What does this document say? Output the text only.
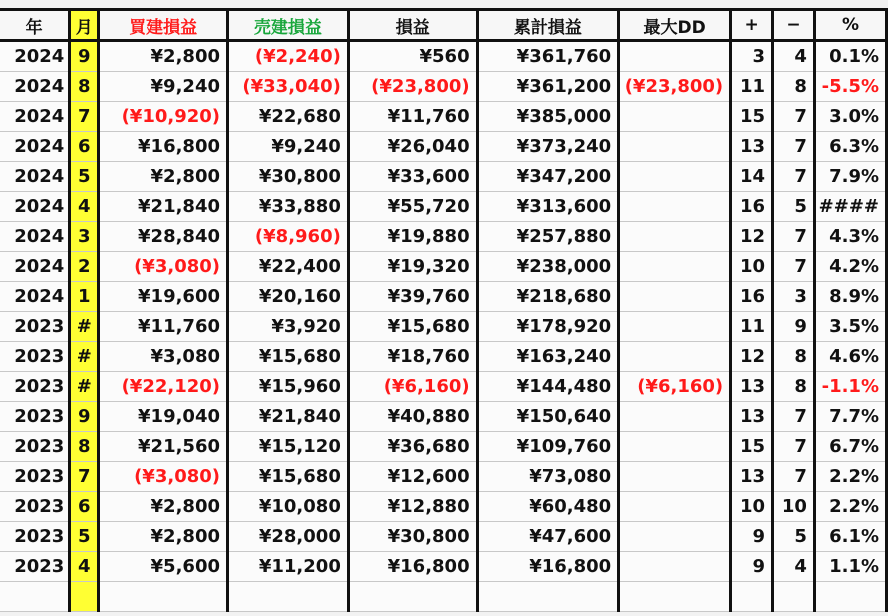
年	月	買建損益	売建損益	損益	累計損益	最大DD	+	−	%
2024	9	¥2,800	(¥2,240)	¥560	¥361,760		3	4	0.1%
2024	8	¥9,240	(¥33,040)	(¥23,800)	¥361,200	(¥23,800)	11	8	-5.5%
2024	7	(¥10,920)	¥22,680	¥11,760	¥385,000		15	7	3.0%
2024	6	¥16,800	¥9,240	¥26,040	¥373,240		13	7	6.3%
2024	5	¥2,800	¥30,800	¥33,600	¥347,200		14	7	7.9%
2024	4	¥21,840	¥33,880	¥55,720	¥313,600		16	5	####
2024	3	¥28,840	(¥8,960)	¥19,880	¥257,880		12	7	4.3%
2024	2	(¥3,080)	¥22,400	¥19,320	¥238,000		10	7	4.2%
2024	1	¥19,600	¥20,160	¥39,760	¥218,680		16	3	8.9%
2023	#	¥11,760	¥3,920	¥15,680	¥178,920		11	9	3.5%
2023	#	¥3,080	¥15,680	¥18,760	¥163,240		12	8	4.6%
2023	#	(¥22,120)	¥15,960	(¥6,160)	¥144,480	(¥6,160)	13	8	-1.1%
2023	9	¥19,040	¥21,840	¥40,880	¥150,640		13	7	7.7%
2023	8	¥21,560	¥15,120	¥36,680	¥109,760		15	7	6.7%
2023	7	(¥3,080)	¥15,680	¥12,600	¥73,080		13	7	2.2%
2023	6	¥2,800	¥10,080	¥12,880	¥60,480		10	10	2.2%
2023	5	¥2,800	¥28,000	¥30,800	¥47,600		9	5	6.1%
2023	4	¥5,600	¥11,200	¥16,800	¥16,800		9	4	1.1%
